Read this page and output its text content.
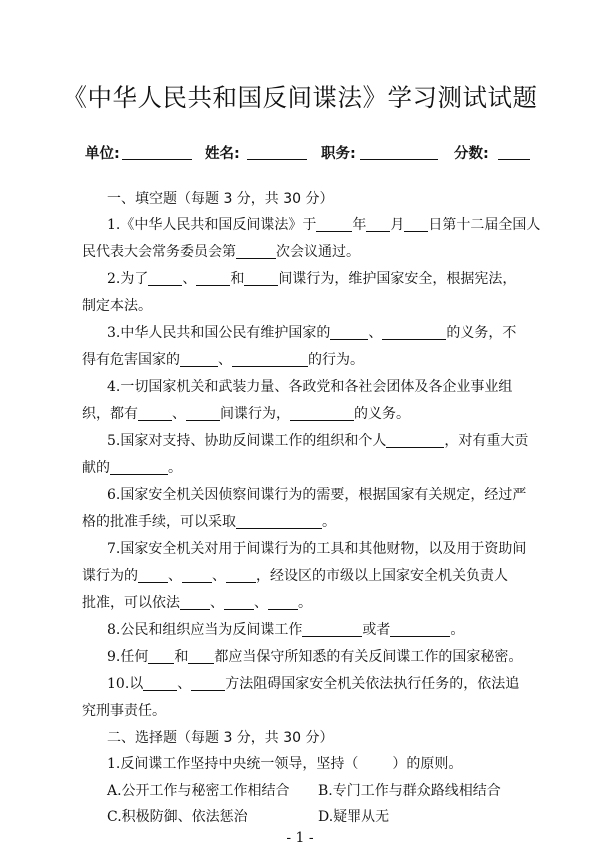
《中华人民共和国反间谍法》学习测试试题
单位:	姓名:	职务:	分数:
一、填空题（每题 3 分，共 30 分）
1.《中华人民共和国反间谍法》于	年 月 日第十二届全国人
民代表大会常务委员会第	次会议通过。
2.为了 、 和 间谍行为，维护国家安全，根据宪法，
制定本法。
3.中华人民共和国公民有维护国家的	、	的义务，不
得有危害国家的	、	的行为。
4.一切国家机关和武装力量、各政党和各社会团体及各企业事业组
织，都有 、 间谍行为，	的义务。
5.国家对支持、协助反间谍工作的组织和个人	，对有重大贡
献的	。
6.国家安全机关因侦察间谍行为的需要，根据国家有关规定，经过严
格的批准手续，可以采取	。
7.国家安全机关对用于间谍行为的工具和其他财物，以及用于资助间
谍行为的 、 、 ，经设区的市级以上国家安全机关负责人
批准，可以依法 、 、 。
8.公民和组织应当为反间谍工作	或者	。
9.任何 和 都应当保守所知悉的有关反间谍工作的国家秘密。
10.以 、 方法阻碍国家安全机关依法执行任务的，依法追
究刑事责任。
二、选择题（每题 3 分，共 30 分）
1.反间谍工作坚持中央统一领导，坚持（ ）的原则。
A.公开工作与秘密工作相结合 B.专门工作与群众路线相结合
C.积极防御、依法惩治	D.疑罪从无
- 1 -
